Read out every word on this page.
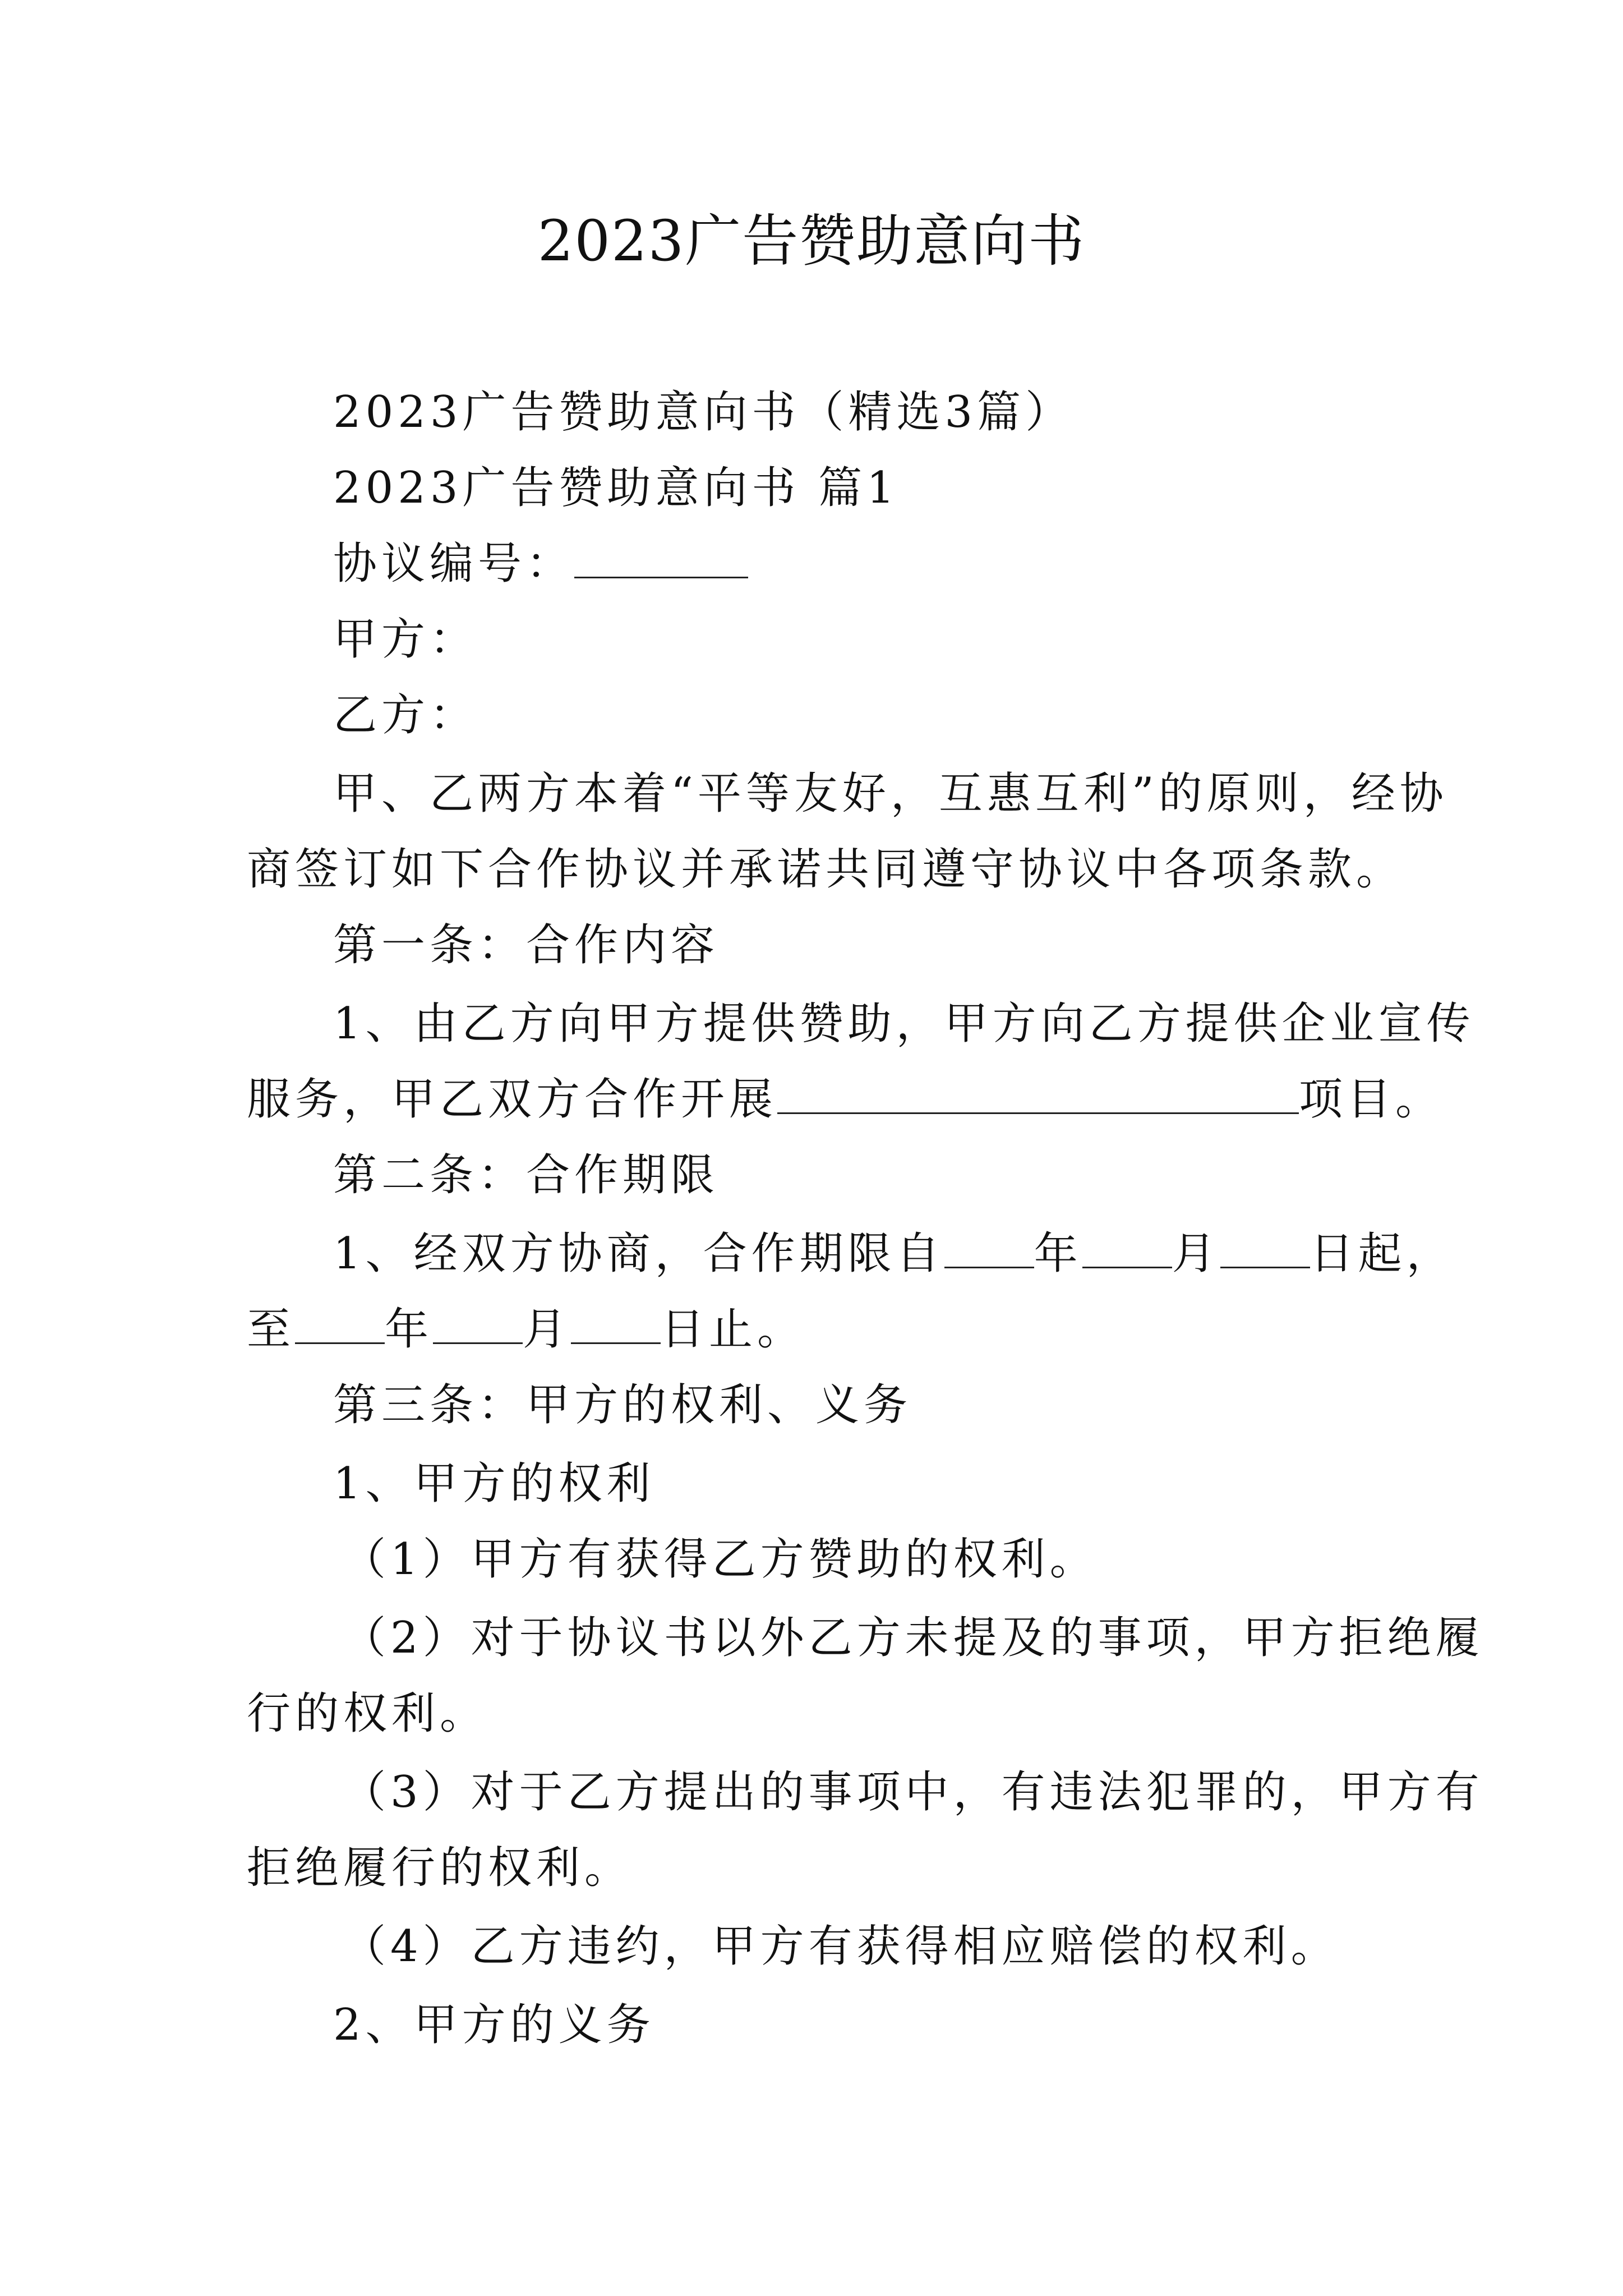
2023广告赞助意向书
2023广告赞助意向书（精选3篇）
2023广告赞助意向书 篇1
协议编号：
甲方：
乙方：
甲、乙两方本着“平等友好，互惠互利”的原则，经协
商签订如下合作协议并承诺共同遵守协议中各项条款。
第一条：合作内容
1、由乙方向甲方提供赞助，甲方向乙方提供企业宣传
服务，甲乙双方合作开展	项目。
第二条：合作期限
1、经双方协商，合作期限自 年 月 日起，
至 年 月 日止。
第三条：甲方的权利、义务
1、甲方的权利
（1）甲方有获得乙方赞助的权利。
（2）对于协议书以外乙方未提及的事项，甲方拒绝履
行的权利。
（3）对于乙方提出的事项中，有违法犯罪的，甲方有
拒绝履行的权利。
（4）乙方违约，甲方有获得相应赔偿的权利。
2、甲方的义务
